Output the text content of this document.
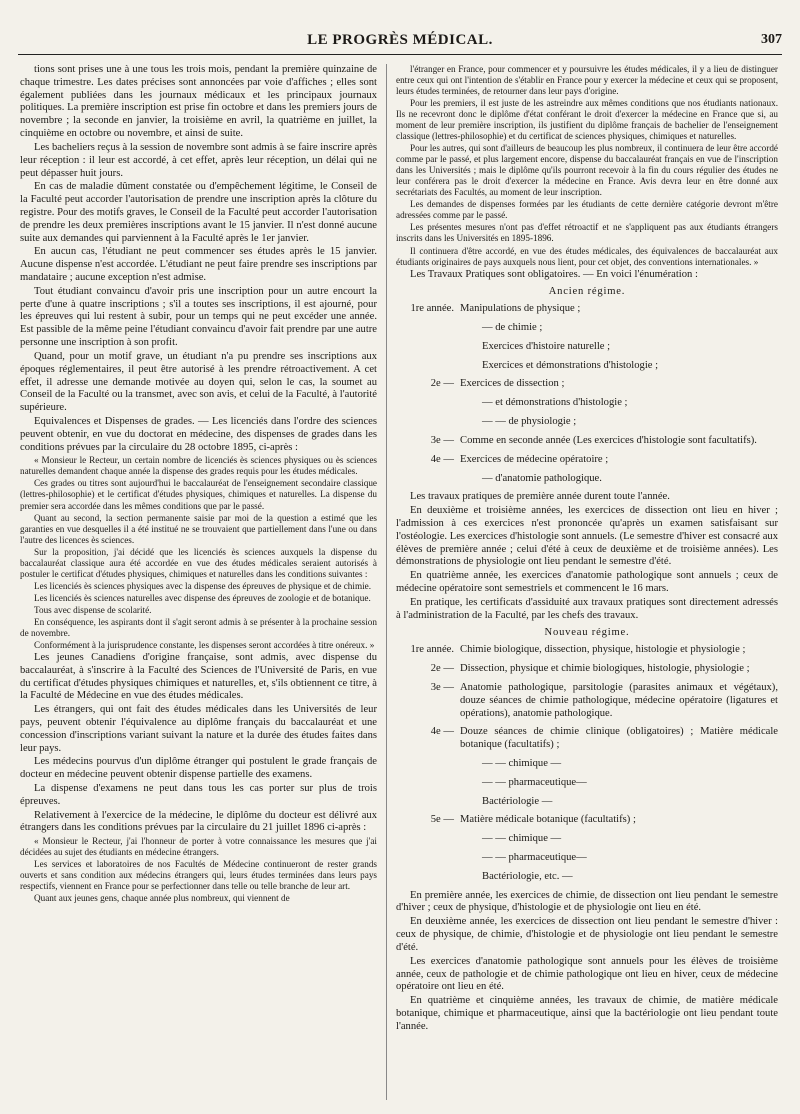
LE PROGRÈS MÉDICAL.	307

tions sont prises une à une tous les trois mois, pendant la première quinzaine de chaque trimestre. Les dates précises sont annoncées par voie d'affiches ; elles sont également publiées dans les journaux médicaux et les principaux journaux politiques. La première inscription est prise fin octobre et dans les premiers jours de novembre ; la seconde en janvier, la troisième en avril, la quatrième en juillet, la cinquième en octobre ou novembre, et ainsi de suite.

Les bacheliers reçus à la session de novembre sont admis à se faire inscrire après leur réception : il leur est accordé, à cet effet, après leur réception, un délai qui ne peut dépasser huit jours.

En cas de maladie dûment constatée ou d'empêchement légitime, le Conseil de la Faculté peut accorder l'autorisation de prendre une inscription après la clôture du registre. Pour des motifs graves, le Conseil de la Faculté peut accorder l'autorisation de prendre les deux premières inscriptions avant le 15 janvier. Il n'est donné aucune suite aux demandes qui parviennent à la Faculté après le 1er janvier.

En aucun cas, l'étudiant ne peut commencer ses études après le 15 janvier. Aucune dispense n'est accordée. L'étudiant ne peut faire prendre ses inscriptions par mandataire ; aucune exception n'est admise.

Tout étudiant convaincu d'avoir pris une inscription pour un autre encourt la perte d'une à quatre inscriptions ; s'il a toutes ses inscriptions, il est ajourné, pour les épreuves qui lui restent à subir, pour un temps qui ne peut excéder une année. Est passible de la même peine l'étudiant convaincu d'avoir fait prendre par une autre personne une inscription à son profit.

Quand, pour un motif grave, un étudiant n'a pu prendre ses inscriptions aux époques réglementaires, il peut être autorisé à les prendre rétroactivement. A cet effet, il adresse une demande motivée au doyen qui, selon le cas, la soumet au Conseil de la Faculté ou la transmet, avec son avis, et celui de la Faculté, à l'autorité supérieure.

Equivalences et Dispenses de grades. — Les licenciés dans l'ordre des sciences peuvent obtenir, en vue du doctorat en médecine, des dispenses de grades dans les conditions prévues par la circulaire du 28 octobre 1895, ci-après :

« Monsieur le Recteur, un certain nombre de licenciés ès sciences physiques ou ès sciences naturelles demandent chaque année la dispense des grades requis pour les études médicales.

Ces grades ou titres sont aujourd'hui le baccalauréat de l'enseignement secondaire classique (lettres-philosophie) et le certificat d'études physiques, chimiques et naturelles. La dispense du premier sera accordée dans les mêmes conditions que par le passé.

Quant au second, la section permanente saisie par moi de la question a estimé que les garanties en vue desquelles il a été institué ne se trouvaient que partiellement dans l'une ou dans l'autre des licences ès sciences.

Sur la proposition, j'ai décidé que les licenciés ès sciences auxquels la dispense du baccalauréat classique aura été accordée en vue des études médicales seraient autorisés à postuler le certificat d'études physiques, chimiques et naturelles dans les conditions suivantes :

Les licenciés ès sciences physiques avec la dispense des épreuves de physique et de chimie.

Les licenciés ès sciences naturelles avec dispense des épreuves de zoologie et de botanique.

Tous avec dispense de scolarité.

En conséquence, les aspirants dont il s'agit seront admis à se présenter à la prochaine session de novembre.

Conformément à la jurisprudence constante, les dispenses seront accordées à titre onéreux. »

Les jeunes Canadiens d'origine française, sont admis, avec dispense du baccalauréat, à s'inscrire à la Faculté des Sciences de l'Université de Paris, en vue du certificat d'études physiques chimiques et naturelles, et, s'ils obtiennent ce titre, à la Faculté de Médecine en vue des études médicales.

Les étrangers, qui ont fait des études médicales dans les Universités de leur pays, peuvent obtenir l'équivalence au diplôme français du baccalauréat et une concession d'inscriptions variant suivant la nature et la durée des études faites dans leur pays.

Les médecins pourvus d'un diplôme étranger qui postulent le grade français de docteur en médecine peuvent obtenir dispense partielle des examens.

La dispense d'examens ne peut dans tous les cas porter sur plus de trois épreuves.

Relativement à l'exercice de la médecine, le diplôme du docteur est délivré aux étrangers dans les conditions prévues par la circulaire du 21 juillet 1896 ci-après :

« Monsieur le Recteur, j'ai l'honneur de porter à votre connaissance les mesures que j'ai décidées au sujet des étudiants en médecine étrangers.

Les services et laboratoires de nos Facultés de Médecine continueront de rester grands ouverts et sans condition aux médecins étrangers qui, leurs études terminées dans leurs pays respectifs, viennent en France pour se perfectionner dans telle ou telle branche de leur art.

Quant aux jeunes gens, chaque année plus nombreux, qui viennent de

l'étranger en France, pour commencer et y poursuivre les études médicales, il y a lieu de distinguer entre ceux qui ont l'intention de s'établir en France pour y exercer la médecine et ceux qui se proposent, leurs études terminées, de retourner dans leur pays d'origine.

Pour les premiers, il est juste de les astreindre aux mêmes conditions que nos étudiants nationaux. Ils ne recevront donc le diplôme d'état conférant le droit d'exercer la médecine en France que si, au moment de leur première inscription, ils justifient du diplôme français de bachelier de l'enseignement classique (lettres-philosophie) et du certificat de sciences physiques, chimiques et naturelles.

Pour les autres, qui sont d'ailleurs de beaucoup les plus nombreux, il continuera de leur être accordé comme par le passé, et plus largement encore, dispense du baccalauréat français en vue de l'inscription dans les Universités ; mais le diplôme qu'ils pourront recevoir à la fin du cours régulier des études ne leur conférera pas le droit d'exercer la médecine en France. Avis devra leur en être donné aux secrétariats des Facultés, au moment de leur inscription.

Les demandes de dispenses formées par les étudiants de cette dernière catégorie devront m'être adressées comme par le passé.

Les présentes mesures n'ont pas d'effet rétroactif et ne s'appliquent pas aux étudiants étrangers inscrits dans les Universités en 1895-1896.

Il continuera d'être accordé, en vue des études médicales, des équivalences de baccalauréat aux étudiants originaires de pays auxquels nous lient, pour cet objet, des conventions internationales. »

Les Travaux Pratiques sont obligatoires. — En voici l'énumération :

Ancien régime.

1re année. Manipulations de physique ;
— de chimie ;
Exercices d'histoire naturelle ;
Exercices et démonstrations d'histologie ;
2e — Exercices de dissection ;
— et démonstrations d'histologie ;
— — de physiologie ;
3e — Comme en seconde année (Les exercices d'histologie sont facultatifs).
4e — Exercices de médecine opératoire ;
— d'anatomie pathologique.

Les travaux pratiques de première année durent toute l'année.

En deuxième et troisième années, les exercices de dissection ont lieu en hiver ; l'admission à ces exercices n'est prononcée qu'après un examen satisfaisant sur l'ostéologie. Les exercices d'histologie sont annuels. (Le semestre d'hiver est consacré aux élèves de première année ; celui d'été à ceux de deuxième et de troisième années). Les démonstrations de physiologie ont lieu pendant le semestre d'été.

En quatrième année, les exercices d'anatomie pathologique sont annuels ; ceux de médecine opératoire sont semestriels et commencent le 16 mars.

En pratique, les certificats d'assiduité aux travaux pratiques sont directement adressés à l'administration de la Faculté, par les chefs des travaux.

Nouveau régime.

1re année. Chimie biologique, dissection, physique, histologie et physiologie ;
2e — Dissection, physique et chimie biologiques, histologie, physiologie ;
3e — Anatomie pathologique, parsitologie (parasites animaux et végétaux), douze séances de chimie pathologique, médecine opératoire (ligatures et opérations), anatomie pathologique.
4e — Douze séances de chimie clinique (obligatoires) ; Matière médicale botanique (facultatifs) ;
— — chimique —
— — pharmaceutique—
Bactériologie —
5e — Matière médicale botanique (facultatifs) ;
— — chimique —
— — pharmaceutique—
Bactériologie, etc. —

En première année, les exercices de chimie, de dissection ont lieu pendant le semestre d'hiver ; ceux de physique, d'histologie et de physiologie ont lieu en été.

En deuxième année, les exercices de dissection ont lieu pendant le semestre d'hiver : ceux de physique, de chimie, d'histologie et de physiologie ont lieu pendant le semestre d'été.

Les exercices d'anatomie pathologique sont annuels pour les élèves de troisième année, ceux de pathologie et de chimie pathologique ont lieu en hiver, ceux de médecine opératoire ont lieu en été.

En quatrième et cinquième années, les travaux de chimie, de matière médicale botanique, chimique et pharmaceutique, ainsi que la bactériologie ont lieu pendant toute l'année.
